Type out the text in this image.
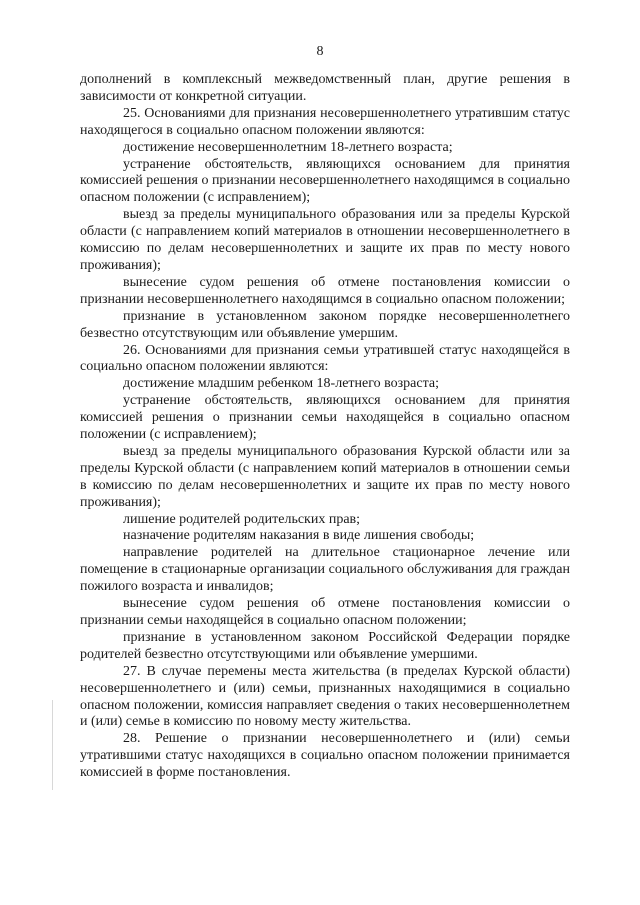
8

дополнений в комплексный межведомственный план, другие решения в зависимости от конкретной ситуации.

25. Основаниями для признания несовершеннолетнего утратившим статус находящегося в социально опасном положении являются:

достижение несовершеннолетним 18-летнего возраста;

устранение обстоятельств, являющихся основанием для принятия комиссией решения о признании несовершеннолетнего находящимся в социально опасном положении (с исправлением);

выезд за пределы муниципального образования или за пределы Курской области (с направлением копий материалов в отношении несовершеннолетнего в комиссию по делам несовершеннолетних и защите их прав по месту нового проживания);

вынесение судом решения об отмене постановления комиссии о признании несовершеннолетнего находящимся в социально опасном положении;

признание в установленном законом порядке несовершеннолетнего безвестно отсутствующим или объявление умершим.

26. Основаниями для признания семьи утратившей статус находящейся в социально опасном положении являются:

достижение младшим ребенком 18-летнего возраста;

устранение обстоятельств, являющихся основанием для принятия комиссией решения о признании семьи находящейся в социально опасном положении (с исправлением);

выезд за пределы муниципального образования Курской области или за пределы Курской области (с направлением копий материалов в отношении семьи в комиссию по делам несовершеннолетних и защите их прав по месту нового проживания);

лишение родителей родительских прав;

назначение родителям наказания в виде лишения свободы;

направление родителей на длительное стационарное лечение или помещение в стационарные организации социального обслуживания для граждан пожилого возраста и инвалидов;

вынесение судом решения об отмене постановления комиссии о признании семьи находящейся в социально опасном положении;

признание в установленном законом Российской Федерации порядке родителей безвестно отсутствующими или объявление умершими.

27. В случае перемены места жительства (в пределах Курской области) несовершеннолетнего и (или) семьи, признанных находящимися в социально опасном положении, комиссия направляет сведения о таких несовершеннолетнем и (или) семье в комиссию по новому месту жительства.

28. Решение о признании несовершеннолетнего и (или) семьи утратившими статус находящихся в социально опасном положении принимается комиссией в форме постановления.
